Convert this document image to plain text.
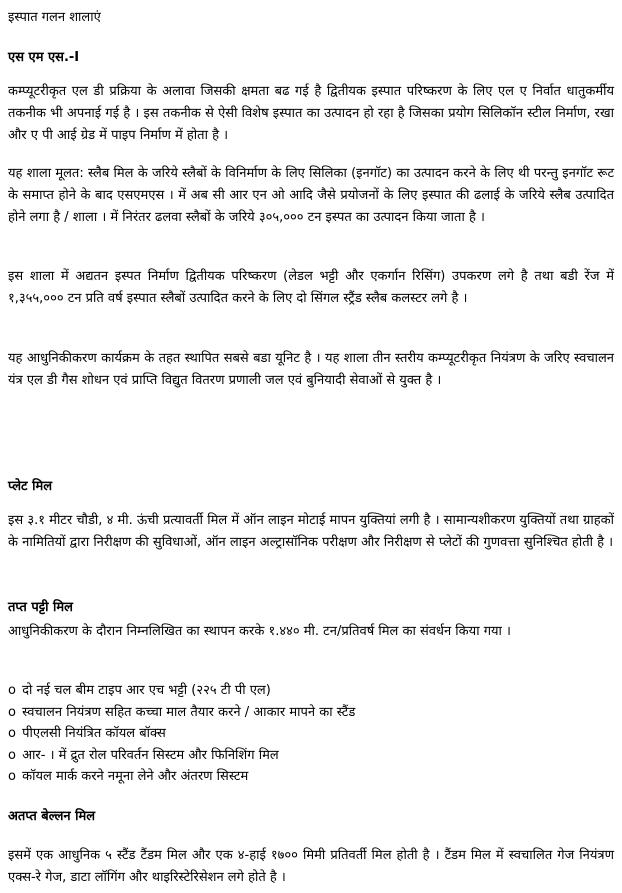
इस्पात गलन शालाएं
एस एम एस.-I

कम्प्यूटरीकृत एल डी प्रक्रिया के अलावा जिसकी क्षमता बढ गई है द्वितीयक इस्पात परिष्करण के लिए एल ए निर्वात धातुकर्मीय तकनीक भी अपनाई गई है । इस तकनीक से ऐसी विशेष इस्पात का उत्पादन हो रहा है जिसका प्रयोग सिलिकॉन स्टील निर्माण, रखा और ए पी आई ग्रेड में पाइप निर्माण में होता है ।

यह शाला मूलत: स्लैब मिल के जरिये स्लैबों के विनिर्माण के लिए सिलिका (इनगॉट) का उत्पादन करने के लिए थी परन्तु इनगॉट रूट के समाप्त होने के बाद एसएमएस । में अब सी आर एन ओ आदि जैसे प्रयोजनों के लिए इस्पात की ढलाई के जरिये स्लैब उत्पादित होने लगा है / शाला । में निरंतर ढलवा स्लैबों के जरिये ३०५,००० टन इस्पत का उत्पादन किया जाता है ।

इस शाला में अद्यतन इस्पत निर्माण द्वितीयक परिष्करण (लेडल भट्टी और एकर्गान रिसिंग) उपकरण लगे है तथा बडी रेंज में १,३५५,००० टन प्रति वर्ष इस्पात स्लैबों उत्पादित करने के लिए दो सिंगल स्ट्रैंड स्लैब कलस्टर लगे है ।

यह आधुनिकीकरण कार्यक्रम के तहत स्थापित सबसे बडा यूनिट है । यह शाला तीन स्तरीय कम्प्यूटरीकृत नियंत्रण के जरिए स्वचालन यंत्र एल डी गैस शोधन एवं प्राप्ति विद्युत वितरण प्रणाली जल एवं बुनियादी सेवाओं से युक्त है ।

प्लेट मिल

इस ३.१ मीटर चौडी, ४ मी. ऊंची प्रत्यावर्ती मिल में ऑन लाइन मोटाई मापन युक्तियां लगी है । सामान्यशीकरण युक्तियों तथा ग्राहकों के नामितियों द्वारा निरीक्षण की सुविधाओं, ऑन लाइन अल्ट्रासॉनिक परीक्षण और निरीक्षण से प्लेटों की गुणवत्ता सुनिश्चित होती है ।

तप्त पट्टी मिल

आधुनिकीकरण के दौरान निम्नलिखित का स्थापन करके १.४४० मी. टन/प्रतिवर्ष मिल का संवर्धन किया गया ।

o दो नई चल बीम टाइप आर एच भट्टी (२२५ टी पी एल)
o स्वचालन नियंत्रण सहित कच्चा माल तैयार करने / आकार मापने का स्टैंड
o पीएलसी नियंत्रित कॉयल बॉक्स
o आर- । में द्रुत रोल परिवर्तन सिस्टम और फिनिशिंग मिल
o कॉयल मार्क करने नमूना लेने और अंतरण सिस्टम
अतप्त बेल्लन मिल

इसमें एक आधुनिक ५ स्टैंड टैंडम मिल और एक ४-हाई १७०० मिमी प्रतिवर्ती मिल होती है । टैंडम मिल में स्वचालित गेज नियंत्रण एक्स-रे गेज, डाटा लॉगिंग और थाइरिस्टेरिसेशन लगे होते है ।
